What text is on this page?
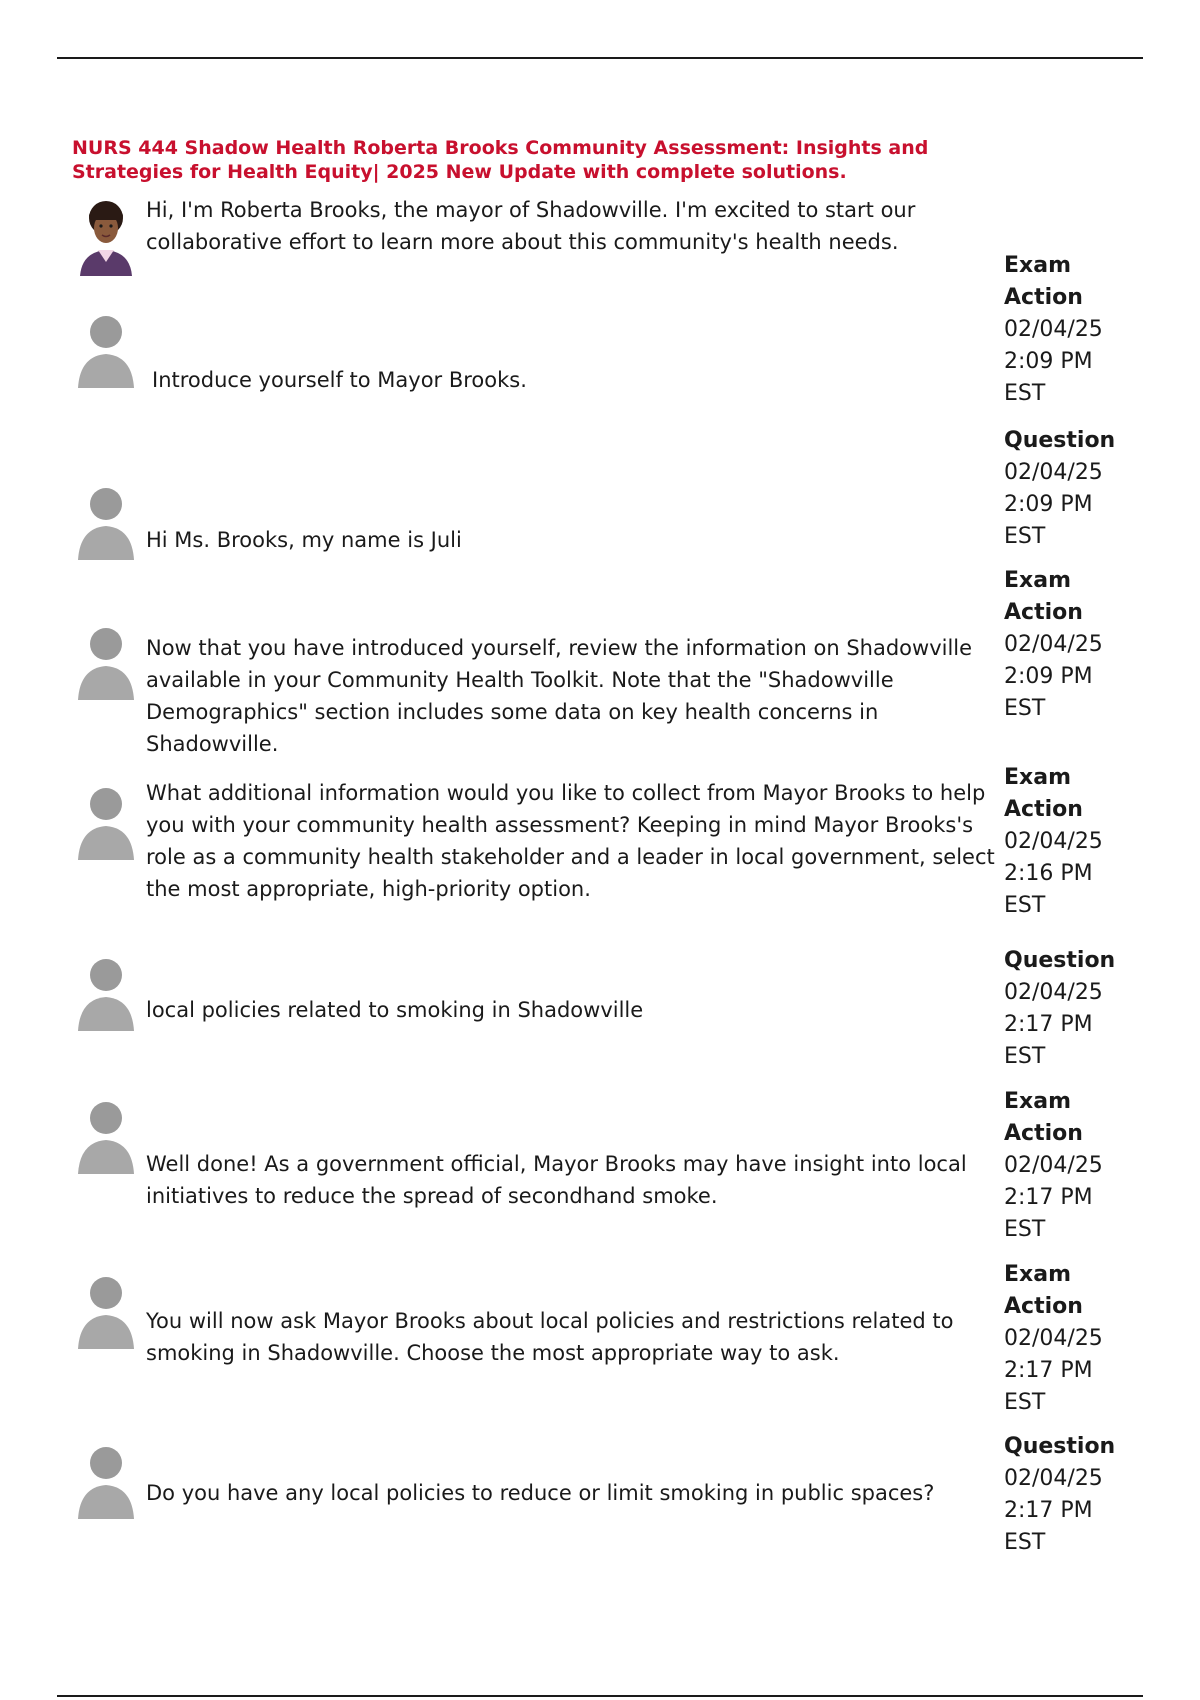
NURS 444 Shadow Health Roberta Brooks Community Assessment: Insights and Strategies for Health Equity| 2025 New Update with complete solutions.
Hi, I'm Roberta Brooks, the mayor of Shadowville. I'm excited to start our collaborative effort to learn more about this community's health needs.
Introduce yourself to Mayor Brooks.
Exam
Action
02/04/25
2:09 PM
EST
Hi Ms. Brooks, my name is Juli
Question
02/04/25
2:09 PM
EST
Now that you have introduced yourself, review the information on Shadowville available in your Community Health Toolkit. Note that the "Shadowville Demographics" section includes some data on key health concerns in Shadowville.
Exam
Action
02/04/25
2:09 PM
EST
What additional information would you like to collect from Mayor Brooks to help you with your community health assessment? Keeping in mind Mayor Brooks's role as a community health stakeholder and a leader in local government, select the most appropriate, high-priority option.
Exam
Action
02/04/25
2:16 PM
EST
local policies related to smoking in Shadowville
Question
02/04/25
2:17 PM
EST
Well done! As a government official, Mayor Brooks may have insight into local initiatives to reduce the spread of secondhand smoke.
Exam
Action
02/04/25
2:17 PM
EST
You will now ask Mayor Brooks about local policies and restrictions related to smoking in Shadowville. Choose the most appropriate way to ask.
Exam
Action
02/04/25
2:17 PM
EST
Do you have any local policies to reduce or limit smoking in public spaces?
Question
02/04/25
2:17 PM
EST
